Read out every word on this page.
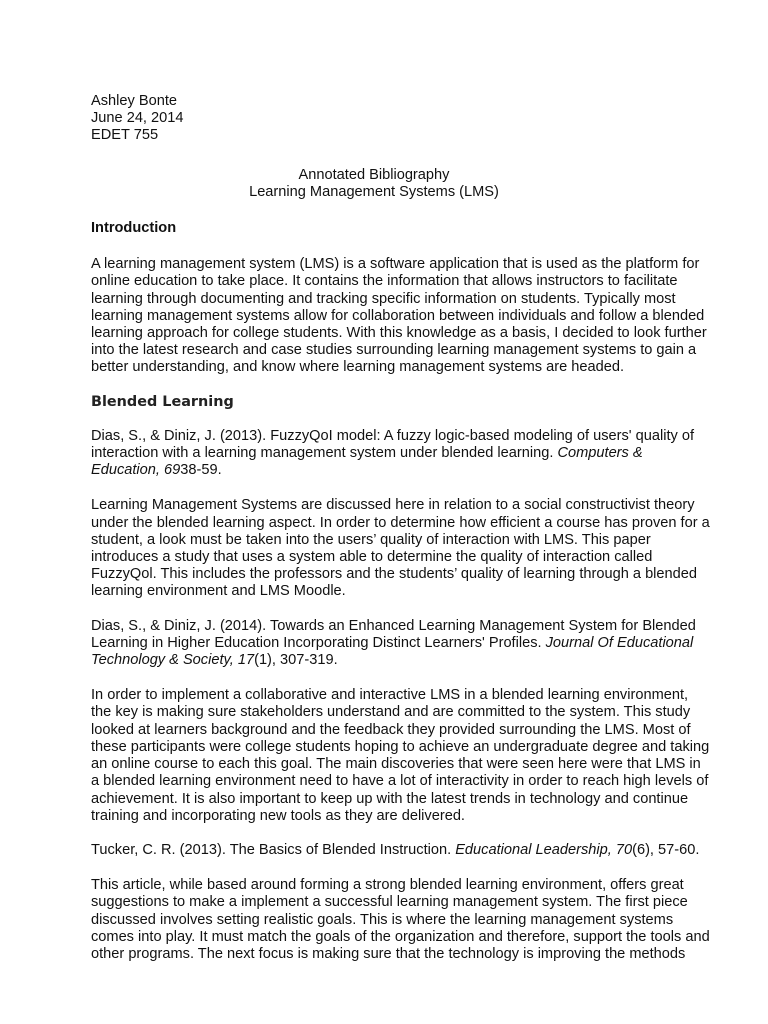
Ashley Bonte
June 24, 2014
EDET 755
Annotated Bibliography
Learning Management Systems (LMS)
Introduction

A learning management system (LMS) is a software application that is used as the platform for
online education to take place. It contains the information that allows instructors to facilitate
learning through documenting and tracking specific information on students. Typically most
learning management systems allow for collaboration between individuals and follow a blended
learning approach for college students. With this knowledge as a basis, I decided to look further
into the latest research and case studies surrounding learning management systems to gain a
better understanding, and know where learning management systems are headed.

Blended Learning

Dias, S., & Diniz, J. (2013). FuzzyQoI model: A fuzzy logic-based modeling of users' quality of
interaction with a learning management system under blended learning. Computers &
Education, 6938-59.

Learning Management Systems are discussed here in relation to a social constructivist theory
under the blended learning aspect. In order to determine how efficient a course has proven for a
student, a look must be taken into the users’ quality of interaction with LMS. This paper
introduces a study that uses a system able to determine the quality of interaction called
FuzzyQol. This includes the professors and the students’ quality of learning through a blended
learning environment and LMS Moodle.

Dias, S., & Diniz, J. (2014). Towards an Enhanced Learning Management System for Blended
Learning in Higher Education Incorporating Distinct Learners' Profiles. Journal Of Educational
Technology & Society, 17(1), 307-319.

In order to implement a collaborative and interactive LMS in a blended learning environment,
the key is making sure stakeholders understand and are committed to the system. This study
looked at learners background and the feedback they provided surrounding the LMS. Most of
these participants were college students hoping to achieve an undergraduate degree and taking
an online course to each this goal. The main discoveries that were seen here were that LMS in
a blended learning environment need to have a lot of interactivity in order to reach high levels of
achievement. It is also important to keep up with the latest trends in technology and continue
training and incorporating new tools as they are delivered.

Tucker, C. R. (2013). The Basics of Blended Instruction. Educational Leadership, 70(6), 57-60.

This article, while based around forming a strong blended learning environment, offers great
suggestions to make a implement a successful learning management system. The first piece
discussed involves setting realistic goals. This is where the learning management systems
comes into play. It must match the goals of the organization and therefore, support the tools and
other programs. The next focus is making sure that the technology is improving the methods
